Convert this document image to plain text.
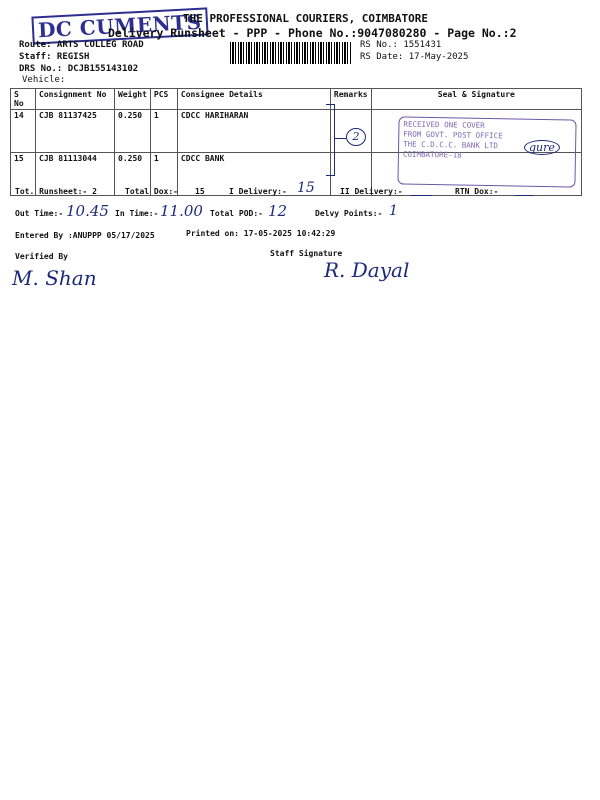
DC CUMENTS
THE PROFESSIONAL COURIERS, COIMBATORE
Delivery Runsheet - PPP - Phone No.:9047080280 - Page No.:2
Route: ARTS COLLEG ROAD
Staff: REGISH
DRS No.: DCJB155143102
Vehicle:
RS No.: 1551431
RS Date: 17-May-2025
S No	Consignment No	Weight	PCS	Consignee Details	Remarks	Seal & Signature
14	CJB 81137425	0.250	1	CDCC HARIHARAN		
15	CJB 81113044	0.250	1	CDCC BANK		
2
RECEIVED ONE COVER
FROM GOVT. POST OFFICE
THE C.D.C.C. BANK LTD
COIMBATORE-18
gure
Tot. Runsheet:- 2	Total Dox:- 15	I Delivery:- 15	II Delivery:-	RTN Dox:-
Out Time:- 10.45 In Time:- 11.00 Total POD:- 12	Delvy Points:- 1
Entered By :ANUPPP 05/17/2025	Printed on: 17-05-2025 10:42:29
Verified By	Staff Signature
M. Shan	R. Dayal
